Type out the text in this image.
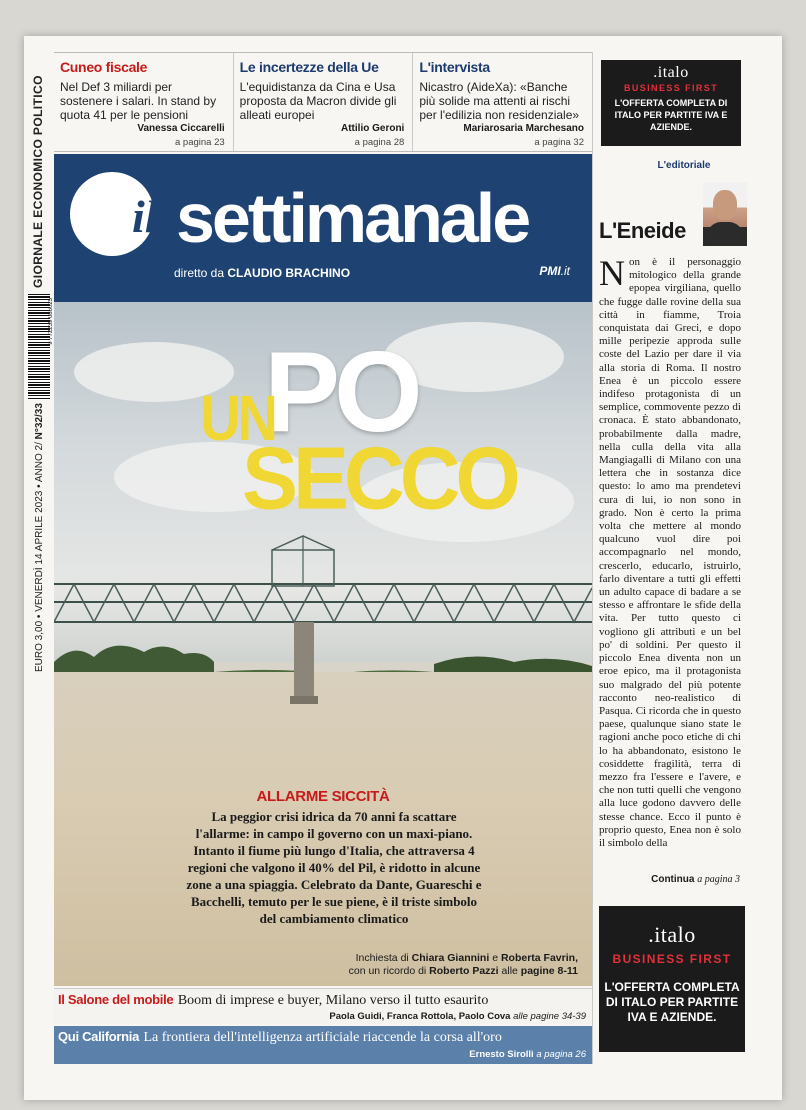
GIORNALE ECONOMICO POLITICO
9 772239 086025
EURO 3,00 • VENERDÌ 14 APRILE 2023 • ANNO 2/ N°32/33
Cuneo fiscale

Nel Def 3 miliardi per sostenere i salari. In stand by quota 41 per le pensioni

Vanessa Ciccarelli
a pagina 23
Le incertezze della Ue

L'equidistanza da Cina e Usa proposta da Macron divide gli alleati europei

Attilio Geroni
a pagina 28
L'intervista

Nicastro (AideXa): «Banche più solide ma attenti ai rischi per l'edilizia non residenziale»

Mariarosaria Marchesano
a pagina 32
il settimanale
diretto da CLAUDIO BRACHINO	PMI.it
PO
UN
SECCO
ALLARME SICCITÀ
La peggior crisi idrica da 70 anni fa scattare l'allarme: in campo il governo con un maxi-piano. Intanto il fiume più lungo d'Italia, che attraversa 4 regioni che valgono il 40% del Pil, è ridotto in alcune zone a una spiaggia. Celebrato da Dante, Guareschi e Bacchelli, temuto per le sue piene, è il triste simbolo del cambiamento climatico
Inchiesta di Chiara Giannini e Roberta Favrin,
con un ricordo di Roberto Pazzi alle pagine 8-11
Il Salone del mobile Boom di imprese e buyer, Milano verso il tutto esaurito
Paola Guidi, Franca Rottola, Paolo Cova alle pagine 34-39
Qui California La frontiera dell'intelligenza artificiale riaccende la corsa all'oro
Ernesto Sirolli a pagina 26
.italo
BUSINESS FIRST
L'OFFERTA COMPLETA DI ITALO PER PARTITE IVA E AZIENDE.
L'editoriale
L'Eneide
Non è il personaggio mitologico della grande epopea virgiliana, quello che fugge dalle rovine della sua città in fiamme, Troia conquistata dai Greci, e dopo mille peripezie approda sulle coste del Lazio per dare il via alla storia di Roma. Il nostro Enea è un piccolo essere indifeso protagonista di un semplice, commovente pezzo di cronaca. È stato abbandonato, probabilmente dalla madre, nella culla della vita alla Mangiagalli di Milano con una lettera che in sostanza dice questo: lo amo ma prendetevi cura di lui, io non sono in grado. Non è certo la prima volta che mettere al mondo qualcuno vuol dire poi accompagnarlo nel mondo, crescerlo, educarlo, istruirlo, farlo diventare a tutti gli effetti un adulto capace di badare a se stesso e affrontare le sfide della vita. Per tutto questo ci vogliono gli attributi e un bel po' di soldini. Per questo il piccolo Enea diventa non un eroe epico, ma il protagonista suo malgrado del più potente racconto neo-realistico di Pasqua. Ci ricorda che in questo paese, qualunque siano state le ragioni anche poco etiche di chi lo ha abbandonato, esistono le cosiddette fragilità, terra di mezzo fra l'essere e l'avere, e che non tutti quelli che vengono alla luce godono davvero delle stesse chance. Ecco il punto è proprio questo, Enea non è solo il simbolo della
Continua a pagina 3
.italo
BUSINESS FIRST
L'OFFERTA COMPLETA DI ITALO PER PARTITE IVA E AZIENDE.
